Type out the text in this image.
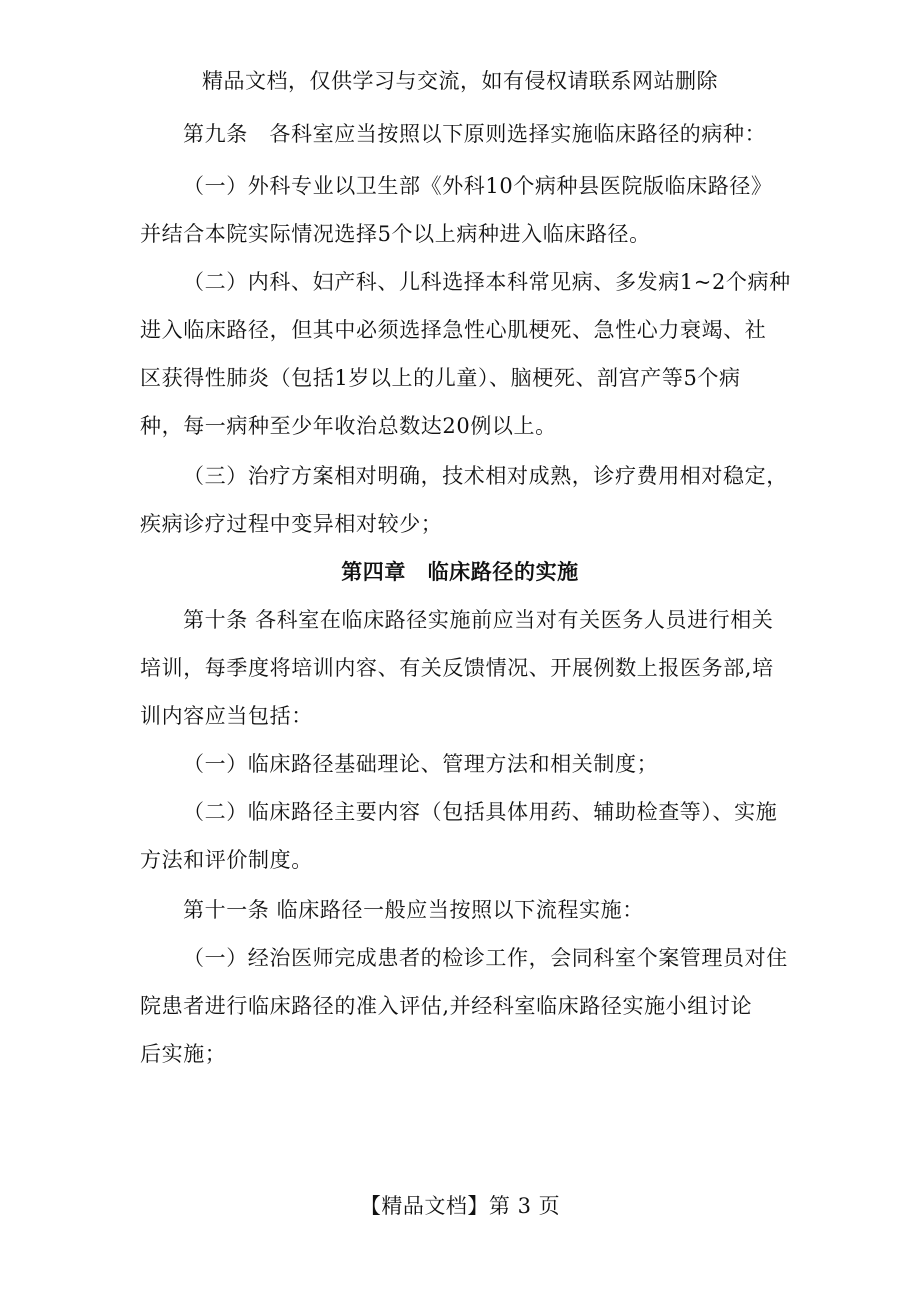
精品文档，仅供学习与交流，如有侵权请联系网站删除
第九条　各科室应当按照以下原则选择实施临床路径的病种：
（一）外科专业以卫生部《外科10个病种县医院版临床路径》
并结合本院实际情况选择5个以上病种进入临床路径。
（二）内科、妇产科、儿科选择本科常见病、多发病1~2个病种
进入临床路径，但其中必须选择急性心肌梗死、急性心力衰竭、社
区获得性肺炎（包括1岁以上的儿童）、脑梗死、剖宫产等5个病
种，每一病种至少年收治总数达20例以上。
（三）治疗方案相对明确，技术相对成熟，诊疗费用相对稳定，
疾病诊疗过程中变异相对较少；
第四章　临床路径的实施
第十条 各科室在临床路径实施前应当对有关医务人员进行相关
培训，每季度将培训内容、有关反馈情况、开展例数上报医务部,培
训内容应当包括：
（一）临床路径基础理论、管理方法和相关制度；
（二）临床路径主要内容（包括具体用药、辅助检查等）、实施
方法和评价制度。
第十一条 临床路径一般应当按照以下流程实施：
（一）经治医师完成患者的检诊工作，会同科室个案管理员对住
院患者进行临床路径的准入评估,并经科室临床路径实施小组讨论
后实施；
【精品文档】第 3 页
